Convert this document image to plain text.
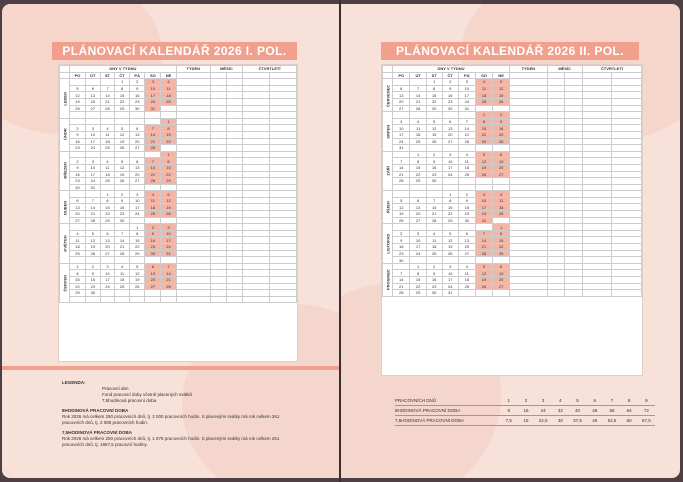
PLÁNOVACÍ KALENDÁŘ 2026 I. POL.
	DNY V TÝDNU							TÝDEN	MĚSÍC		ČTVRTLETÍ	
	PO	ÚT	ST	ČT	PÁ	SO	NE					
LEDEN				1	2	3	4					
	5	6	7	8	9	10	11					
	12	13	14	15	16	17	18					
	19	20	21	22	23	24	25					
	26	27	28	29	30	31						

ÚNOR							1					
	2	3	4	5	6	7	8					
	9	10	11	12	13	14	15					
	16	17	18	19	20	21	22					
	23	24	25	26	27	28						
BŘEZEN							1					
	2	3	4	5	6	7	8					
	9	10	11	12	13	14	15					
	16	17	18	19	20	21	22					
	23	24	25	26	27	28	29					
	30	31										
DUBEN			1	2	3	4	5					
	6	7	8	9	10	11	12					
	13	14	15	16	17	18	19					
	20	21	22	23	24	25	26					
	27	28	29	30								
KVĚTEN					1	2	3					
	4	5	6	7	8	9	10					
	11	12	13	14	15	16	17					
	18	19	20	21	22	23	24					
	25	26	27	28	29	30	31					

ČERVEN	1	2	3	4	5	6	7					
	8	9	10	11	12	13	14					
	15	16	17	18	19	20	21					
	22	23	24	25	26	27	28					
	29	30										

LEGENDA:
Pracovní den
Fond pracovní doby včetně placených svátků
7,5hodinová pracovní doba
8HODINOVÁ PRACOVNÍ DOBA
Rok 2026 má celkem 250 pracovních dnů, tj. 2 000 pracovních hodin. S placenými svátky má rok celkem 261 pracovních dnů, tj. 2 088 pracovních hodin.
7,5HODINOVÁ PRACOVNÍ DOBA
Rok 2026 má celkem 250 pracovních dnů, tj. 1 875 pracovních hodin. S placenými svátky má rok celkem 261 pracovních dnů, tj. 1957,5 pracovní hodiny.
PLÁNOVACÍ KALENDÁŘ 2026 II. POL.
	DNY V TÝDNU							TÝDEN	MĚSÍC		ČTVRTLETÍ	
	PO	ÚT	ST	ČT	PÁ	SO	NE					
ČERVENEC			1	2	3	4	5					
	6	7	8	9	10	11	12					
	13	14	15	16	17	18	19					
	20	21	22	23	24	25	26					
	27	28	29	30	31							
SRPEN						1	2					
	3	4	5	6	7	8	9					
	10	11	12	13	14	15	16					
	17	18	19	20	21	22	23					
	24	25	26	27	28	29	30					
	31											
ZÁŘÍ		1	2	3	4	5	6					
	7	8	9	10	11	12	13					
	14	15	16	17	18	19	20					
	21	22	23	24	25	26	27					
	28	29	30									

ŘÍJEN				1	2	3	4					
	5	6	7	8	9	10	11					
	12	13	14	15	16	17	18					
	19	20	21	22	23	24	25					
	26	27	28	29	30	31						
LISTOPAD							1					
	2	3	4	5	6	7	8					
	9	10	11	12	13	14	15					
	16	17	18	19	20	21	22					
	23	24	25	26	27	28	29					
	30											
PROSINEC		1	2	3	4	5	6					
	7	8	9	10	11	12	13					
	14	15	16	17	18	19	20					
	21	22	23	24	25	26	27					
	28	29	30	31								
PRACOVNÍCH DNŮ	1	2	3	4	5	6	7	8	9
8HODINOVÁ PRACOVNÍ DOBA	8	16	24	32	40	48	56	64	72
7,5HODINOVÁ PRACOVNÍ DOBA	7,5	15	22,5	30	37,5	45	52,5	60	67,5
